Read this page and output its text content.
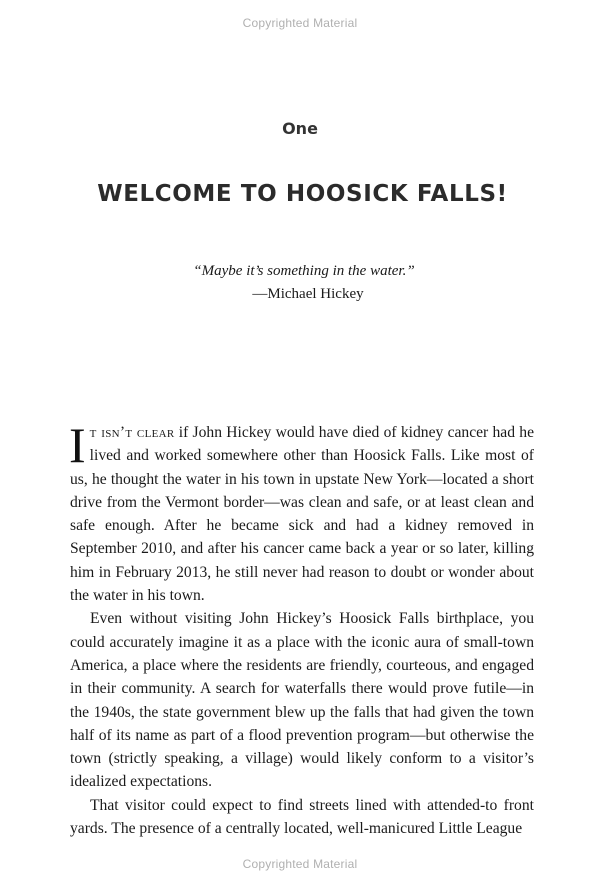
Copyrighted Material
One
WELCOME TO HOOSICK FALLS!
“Maybe it’s something in the water.”
—Michael Hickey

It isn’t clear if John Hickey would have died of kidney cancer had he lived and worked somewhere other than Hoosick Falls. Like most of us, he thought the water in his town in upstate New York—located a short drive from the Vermont border—was clean and safe, or at least clean and safe enough. After he became sick and had a kidney removed in September 2010, and after his cancer came back a year or so later, killing him in February 2013, he still never had reason to doubt or wonder about the water in his town.

Even without visiting John Hickey’s Hoosick Falls birthplace, you could accurately imagine it as a place with the iconic aura of small-town America, a place where the residents are friendly, courteous, and engaged in their community. A search for waterfalls there would prove futile—in the 1940s, the state government blew up the falls that had given the town half of its name as part of a flood prevention program—but otherwise the town (strictly speaking, a village) would likely conform to a visitor’s idealized expectations.

That visitor could expect to find streets lined with attended-to front yards. The presence of a centrally located, well-manicured Little League

Copyrighted Material
